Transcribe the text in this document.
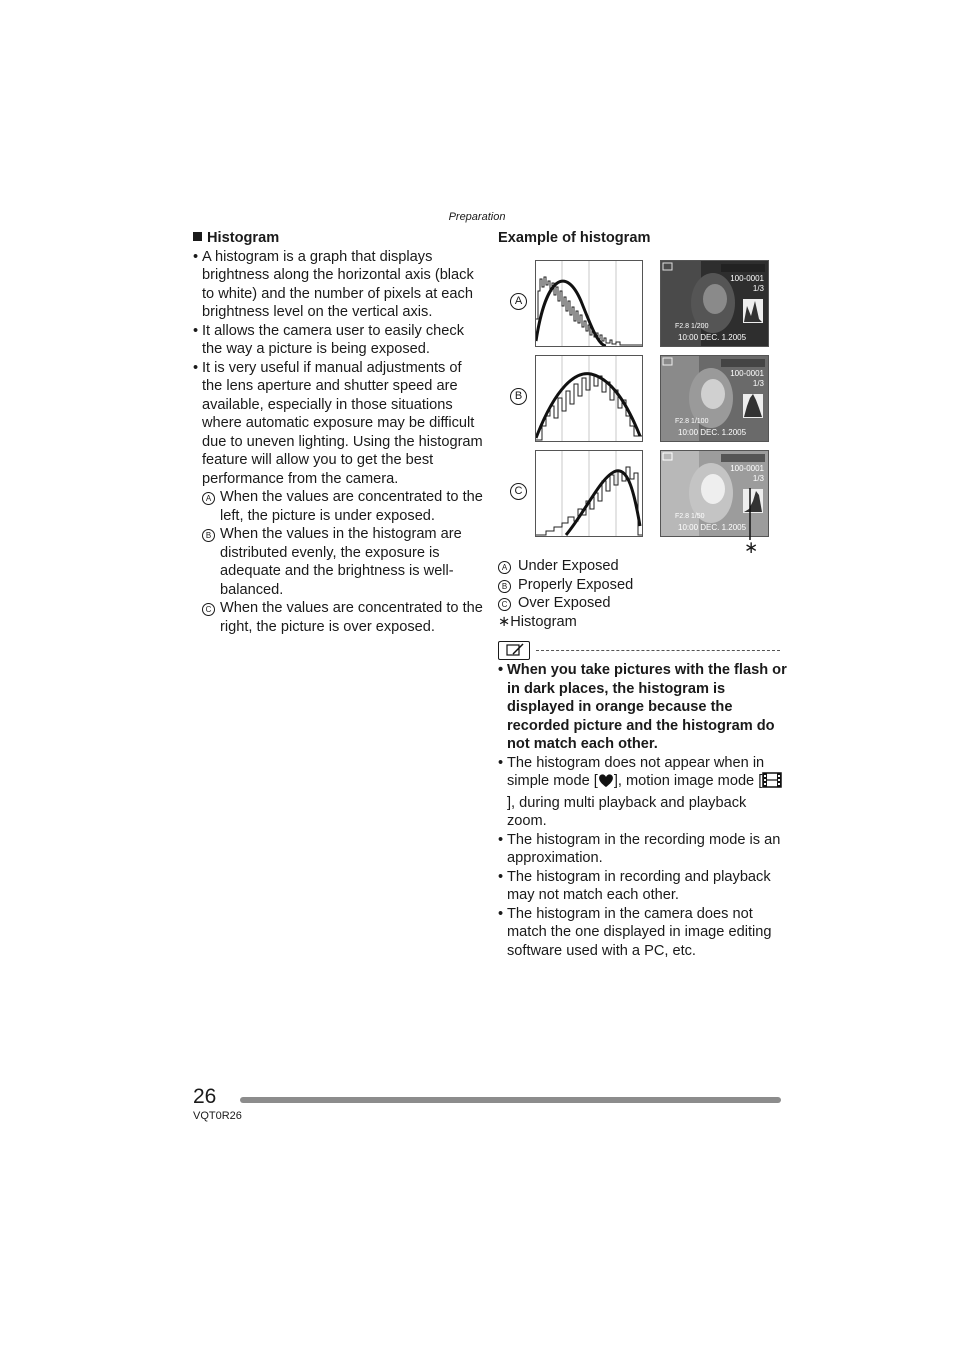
Preparation
Histogram
• A histogram is a graph that displays brightness along the horizontal axis (black to white) and the number of pixels at each brightness level on the vertical axis.
• It allows the camera user to easily check the way a picture is being exposed.
• It is very useful if manual adjustments of the lens aperture and shutter speed are available, especially in those situations where automatic exposure may be difficult due to uneven lighting. Using the histogram feature will allow you to get the best performance from the camera.
A When the values are concentrated to the left, the picture is under exposed.
B When the values in the histogram are distributed evenly, the exposure is adequate and the brightness is well-balanced.
C When the values are concentrated to the right, the picture is over exposed.
Example of histogram
A
B
C
100-0001
1/3
F2.8 1/200
10:00 DEC. 1.2005
100-0001
1/3
F2.8 1/100
10:00 DEC. 1.2005
100-0001
1/3
F2.8 1/50
10:00 DEC. 1.2005
∗
A Under Exposed
B Properly Exposed
C Over Exposed
∗Histogram
• When you take pictures with the flash or in dark places, the histogram is displayed in orange because the recorded picture and the histogram do not match each other.
• The histogram does not appear when in simple mode [ ], motion image mode [], during multi playback and playback zoom.
• The histogram in the recording mode is an approximation.
• The histogram in recording and playback may not match each other.
• The histogram in the camera does not match the one displayed in image editing software used with a PC, etc.
26
VQT0R26
